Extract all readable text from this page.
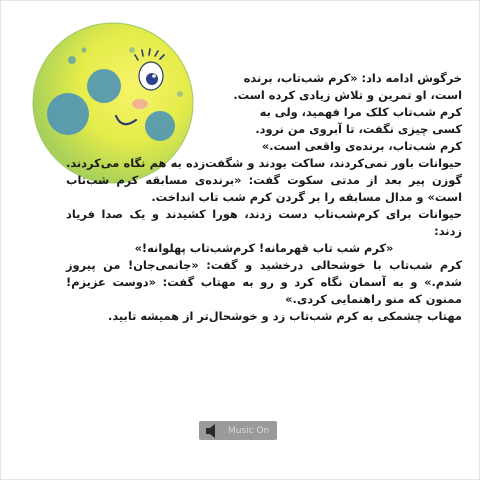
خرگوش ادامه داد: «کرم شب‌تاب، برنده

است، او تمرین و تلاش زیادی کرده است.

کرم شب‌تاب کلک مرا فهمید، ولی به

کسی چیزی نگفت، تا آبروی من نرود.

کرم شب‌تاب، برنده‌ی واقعی است.»

حیوانات باور نمی‌کردند، ساکت بودند و شگفت‌زده به هم نگاه می‌کردند. گوزن پیر بعد از مدتی سکوت گفت: «برنده‌ی مسابقه کرم شب‌تاب است» و مدال مسابقه را بر گردن کرم شب تاب انداخت.

حیوانات برای کرم‌شب‌تاب دست زدند، هورا کشیدند و یک صدا فریاد زدند:

«کرم شب تاب قهرمانه! کرم‌شب‌تاب پهلوانه!»

کرم شب‌تاب با خوشحالی درخشید و گفت: «جانمی‌جان! من پیروز شدم.» و به آسمان نگاه کرد و رو به مهتاب گفت: «دوست عزیزم! ممنون که منو راهنمایی کردی.»

مهتاب چشمکی به کرم شب‌تاب زد و خوشحال‌تر از همیشه تابید.

Music On
